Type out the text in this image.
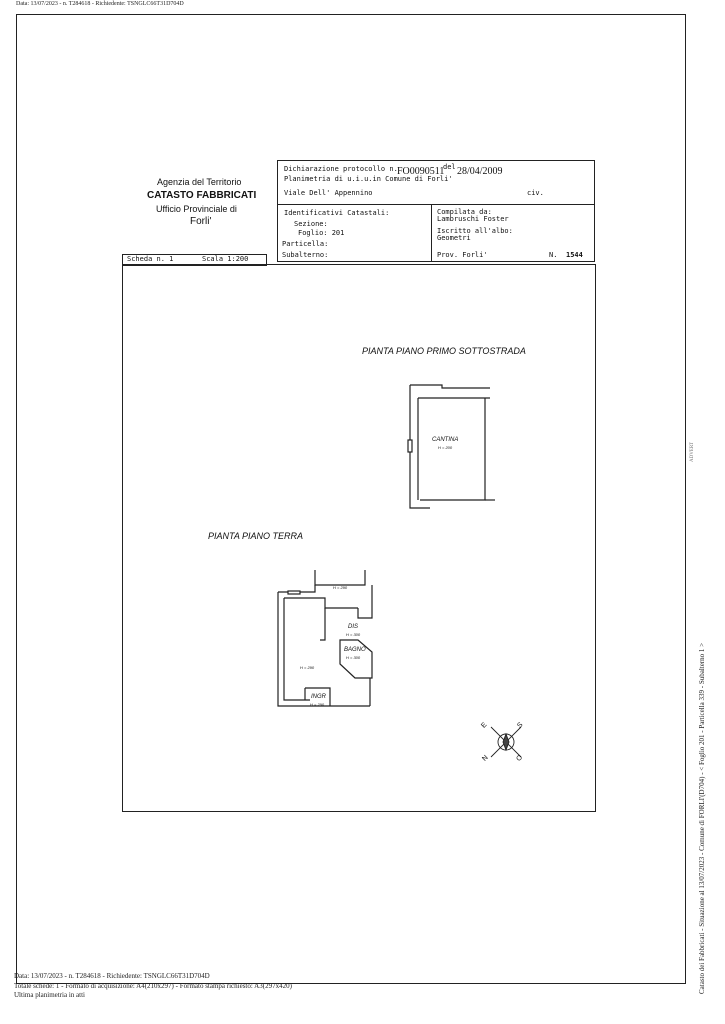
Data: 13/07/2023 - n. T284618 - Richiedente: TSNGLC66T31D704D
Agenzia del Territorio
CATASTO FABBRICATI
Ufficio Provinciale di
Forli'
Dichiarazione protocollo n. FO0090511
del 28/04/2009
Planimetria di u.i.u.in Comune di Forli'
Viale Dell' Appennino	civ.
Identificativi Catastali:
Sezione:
Foglio: 201
Particella:
Subalterno:
Compilata da:
Lambruschi Foster
Iscritto all'albo:
Geometri
Prov. Forli'	N. 1544
Scheda n. 1	Scala 1:200
PIANTA PIANO PRIMO SOTTOSTRADA
PIANTA PIANO TERRA
CANTINA
H = 200
H = 290
DIS
H = 300
BAGNO
H = 300
H = 290
INGR
H = 290
E	S
N	O	Catasto dei Fabbricati - Situazione al 13/07/2023 - Comune di FORLI'(D704) - < Foglio 201 - Particella 339 - Subalterno 1 >
ADVERT
Data: 13/07/2023 - n. T284618 - Richiedente: TSNGLC66T31D704D
Totale schede: 1 - Formato di acquisizione: A4(210x297) - Formato stampa richiesto: A3(297x420)
Ultima planimetria in atti
